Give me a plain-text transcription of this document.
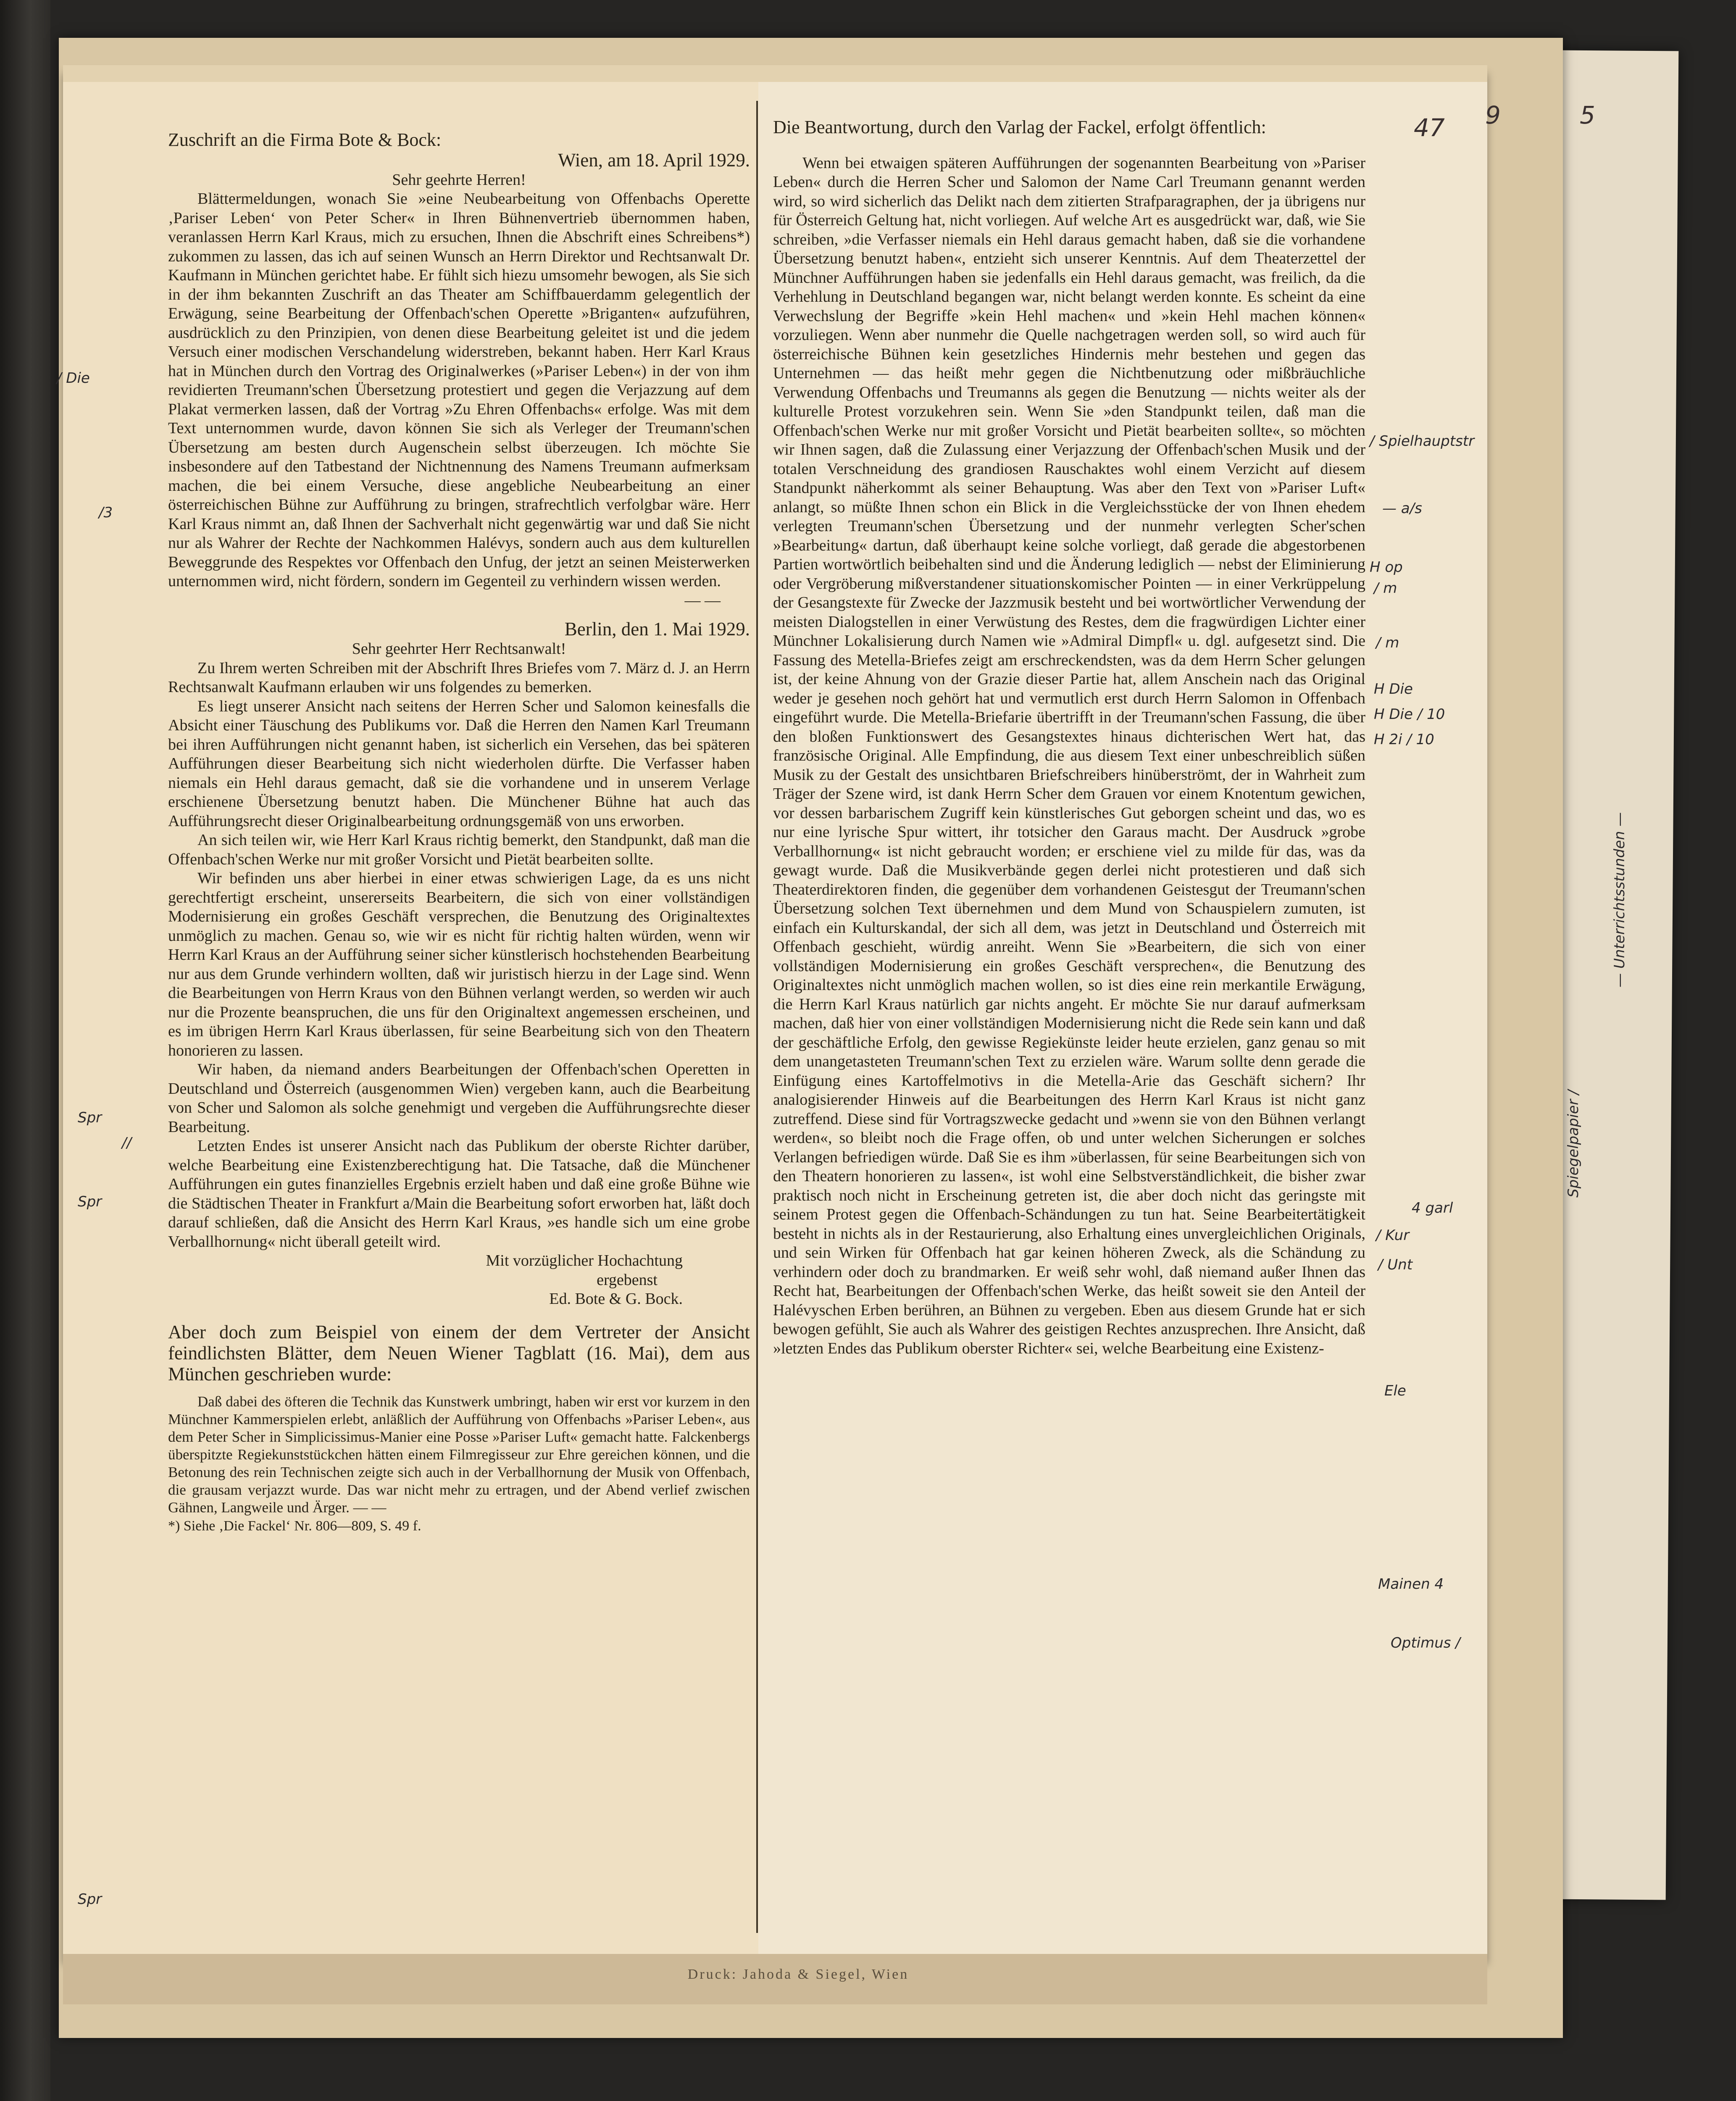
Druck: Jahoda & Siegel, Wien
47 9	5

Zuschrift an die Firma Bote & Bock:

Wien, am 18. April 1929.

Sehr geehrte Herren!

Blättermeldungen, wonach Sie »eine Neubearbeitung von Offenbachs Operette ‚Pariser Leben‘ von Peter Scher« in Ihren Bühnenvertrieb übernommen haben, veranlassen Herrn Karl Kraus, mich zu ersuchen, Ihnen die Abschrift eines Schreibens*) zukommen zu lassen, das ich auf seinen Wunsch an Herrn Direktor und Rechtsanwalt Dr. Kaufmann in München gerichtet habe. Er fühlt sich hiezu umsomehr bewogen, als Sie sich in der ihm bekannten Zuschrift an das Theater am Schiffbauerdamm gelegentlich der Erwägung, seine Bearbeitung der Offenbach'schen Operette »Briganten« aufzuführen, ausdrücklich zu den Prinzipien, von denen diese Bearbeitung geleitet ist und die jedem Versuch einer modischen Verschandelung widerstreben, bekannt haben. Herr Karl Kraus hat in München durch den Vortrag des Originalwerkes (»Pariser Leben«) in der von ihm revidierten Treumann'schen Übersetzung protestiert und gegen die Verjazzung auf dem Plakat vermerken lassen, daß der Vortrag »Zu Ehren Offenbachs« erfolge. Was mit dem Text unternommen wurde, davon können Sie sich als Verleger der Treumann'schen Übersetzung am besten durch Augenschein selbst überzeugen. Ich möchte Sie insbesondere auf den Tatbestand der Nichtnennung des Namens Treumann aufmerksam machen, die bei einem Versuche, diese angebliche Neubearbeitung an einer österreichischen Bühne zur Aufführung zu bringen, strafrechtlich verfolgbar wäre. Herr Karl Kraus nimmt an, daß Ihnen der Sachverhalt nicht gegenwärtig war und daß Sie nicht nur als Wahrer der Rechte der Nachkommen Halévys, sondern auch aus dem kulturellen Beweggrunde des Respektes vor Offenbach den Unfug, der jetzt an seinen Meisterwerken unternommen wird, nicht fördern, sondern im Gegenteil zu verhindern wissen werden.

— —

Berlin, den 1. Mai 1929.

Sehr geehrter Herr Rechtsanwalt!

Zu Ihrem werten Schreiben mit der Abschrift Ihres Briefes vom 7. März d. J. an Herrn Rechtsanwalt Kaufmann erlauben wir uns folgendes zu bemerken.

Es liegt unserer Ansicht nach seitens der Herren Scher und Salomon keinesfalls die Absicht einer Täuschung des Publikums vor. Daß die Herren den Namen Karl Treumann bei ihren Aufführungen nicht genannt haben, ist sicherlich ein Versehen, das bei späteren Aufführungen dieser Bearbeitung sich nicht wiederholen dürfte. Die Verfasser haben niemals ein Hehl daraus gemacht, daß sie die vorhandene und in unserem Verlage erschienene Übersetzung benutzt haben. Die Münchener Bühne hat auch das Aufführungsrecht dieser Originalbearbeitung ordnungsgemäß von uns erworben.

An sich teilen wir, wie Herr Karl Kraus richtig bemerkt, den Standpunkt, daß man die Offenbach'schen Werke nur mit großer Vorsicht und Pietät bearbeiten sollte.

Wir befinden uns aber hierbei in einer etwas schwierigen Lage, da es uns nicht gerechtfertigt erscheint, unsererseits Bearbeitern, die sich von einer vollständigen Modernisierung ein großes Geschäft versprechen, die Benutzung des Originaltextes unmöglich zu machen. Genau so, wie wir es nicht für richtig halten würden, wenn wir Herrn Karl Kraus an der Aufführung seiner sicher künstlerisch hochstehenden Bearbeitung nur aus dem Grunde verhindern wollten, daß wir juristisch hierzu in der Lage sind. Wenn die Bearbeitungen von Herrn Kraus von den Bühnen verlangt werden, so werden wir auch nur die Prozente beanspruchen, die uns für den Originaltext angemessen erscheinen, und es im übrigen Herrn Karl Kraus überlassen, für seine Bearbeitung sich von den Theatern honorieren zu lassen.

Wir haben, da niemand anders Bearbeitungen der Offenbach'schen Operetten in Deutschland und Österreich (ausgenommen Wien) vergeben kann, auch die Bearbeitung von Scher und Salomon als solche genehmigt und vergeben die Aufführungsrechte dieser Bearbeitung.

Letzten Endes ist unserer Ansicht nach das Publikum der oberste Richter darüber, welche Bearbeitung eine Existenzberechtigung hat. Die Tatsache, daß die Münchener Aufführungen ein gutes finanzielles Ergebnis erzielt haben und daß eine große Bühne wie die Städtischen Theater in Frankfurt a/Main die Bearbeitung sofort erworben hat, läßt doch darauf schließen, daß die Ansicht des Herrn Karl Kraus, »es handle sich um eine grobe Verballhornung« nicht überall geteilt wird.

Mit vorzüglicher Hochachtung

ergebenst

Ed. Bote & G. Bock.

Aber doch zum Beispiel von einem der dem Vertreter der Ansicht feindlichsten Blätter, dem Neuen Wiener Tagblatt (16. Mai), dem aus München geschrieben wurde:

Daß dabei des öfteren die Technik das Kunstwerk umbringt, haben wir erst vor kurzem in den Münchner Kammerspielen erlebt, anläßlich der Aufführung von Offenbachs »Pariser Leben«, aus dem Peter Scher in Simplicissimus-Manier eine Posse »Pariser Luft« gemacht hatte. Falckenbergs überspitzte Regiekunststückchen hätten einem Filmregisseur zur Ehre gereichen können, und die Betonung des rein Technischen zeigte sich auch in der Verballhornung der Musik von Offenbach, die grausam verjazzt wurde. Das war nicht mehr zu ertragen, und der Abend verlief zwischen Gähnen, Langweile und Ärger. — —

*) Siehe ‚Die Fackel‘ Nr. 806—809, S. 49 f.

Die Beantwortung, durch den Varlag der Fackel, erfolgt öffentlich:

Wenn bei etwaigen späteren Aufführungen der sogenannten Bearbeitung von »Pariser Leben« durch die Herren Scher und Salomon der Name Carl Treumann genannt werden wird, so wird sicherlich das Delikt nach dem zitierten Strafparagraphen, der ja übrigens nur für Österreich Geltung hat, nicht vorliegen. Auf welche Art es ausgedrückt war, daß, wie Sie schreiben, »die Verfasser niemals ein Hehl daraus gemacht haben, daß sie die vorhandene Übersetzung benutzt haben«, entzieht sich unserer Kenntnis. Auf dem Theaterzettel der Münchner Aufführungen haben sie jedenfalls ein Hehl daraus gemacht, was freilich, da die Verhehlung in Deutschland begangen war, nicht belangt werden konnte. Es scheint da eine Verwechslung der Begriffe »kein Hehl machen« und »kein Hehl machen können« vorzuliegen. Wenn aber nunmehr die Quelle nachgetragen werden soll, so wird auch für österreichische Bühnen kein gesetzliches Hindernis mehr bestehen und gegen das Unternehmen — das heißt mehr gegen die Nichtbenutzung oder mißbräuchliche Verwendung Offenbachs und Treumanns als gegen die Benutzung — nichts weiter als der kulturelle Protest vorzukehren sein. Wenn Sie »den Standpunkt teilen, daß man die Offenbach'schen Werke nur mit großer Vorsicht und Pietät bearbeiten sollte«, so möchten wir Ihnen sagen, daß die Zulassung einer Verjazzung der Offenbach'schen Musik und der totalen Verschneidung des grandiosen Rauschaktes wohl einem Verzicht auf diesem Standpunkt näherkommt als seiner Behauptung. Was aber den Text von »Pariser Luft« anlangt, so müßte Ihnen schon ein Blick in die Vergleichsstücke der von Ihnen ehedem verlegten Treumann'schen Übersetzung und der nunmehr verlegten Scher'schen »Bearbeitung« dartun, daß überhaupt keine solche vorliegt, daß gerade die abgestorbenen Partien wortwörtlich beibehalten sind und die Änderung lediglich — nebst der Eliminierung oder Vergröberung mißverstandener situationskomischer Pointen — in einer Verkrüppelung der Gesangstexte für Zwecke der Jazzmusik besteht und bei wortwörtlicher Verwendung der meisten Dialogstellen in einer Verwüstung des Restes, dem die fragwürdigen Lichter einer Münchner Lokalisierung durch Namen wie »Admiral Dimpfl« u. dgl. aufgesetzt sind. Die Fassung des Metella-Briefes zeigt am erschreckendsten, was da dem Herrn Scher gelungen ist, der keine Ahnung von der Grazie dieser Partie hat, allem Anschein nach das Original weder je gesehen noch gehört hat und vermutlich erst durch Herrn Salomon in Offenbach eingeführt wurde. Die Metella-Briefarie übertrifft in der Treumann'schen Fassung, die über den bloßen Funktionswert des Gesangstextes hinaus dichterischen Wert hat, das französische Original. Alle Empfindung, die aus diesem Text einer unbeschreiblich süßen Musik zu der Gestalt des unsichtbaren Briefschreibers hinüberströmt, der in Wahrheit zum Träger der Szene wird, ist dank Herrn Scher dem Grauen vor einem Knotentum gewichen, vor dessen barbarischem Zugriff kein künstlerisches Gut geborgen scheint und das, wo es nur eine lyrische Spur wittert, ihr totsicher den Garaus macht. Der Ausdruck »grobe Verballhornung« ist nicht gebraucht worden; er erschiene viel zu milde für das, was da gewagt wurde. Daß die Musikverbände gegen derlei nicht protestieren und daß sich Theaterdirektoren finden, die gegenüber dem vorhandenen Geistesgut der Treumann'schen Übersetzung solchen Text übernehmen und dem Mund von Schauspielern zumuten, ist einfach ein Kulturskandal, der sich all dem, was jetzt in Deutschland und Österreich mit Offenbach geschieht, würdig anreiht. Wenn Sie »Bearbeitern, die sich von einer vollständigen Modernisierung ein großes Geschäft versprechen«, die Benutzung des Originaltextes nicht unmöglich machen wollen, so ist dies eine rein merkantile Erwägung, die Herrn Karl Kraus natürlich gar nichts angeht. Er möchte Sie nur darauf aufmerksam machen, daß hier von einer vollständigen Modernisierung nicht die Rede sein kann und daß der geschäftliche Erfolg, den gewisse Regiekünste leider heute erzielen, ganz genau so mit dem unangetasteten Treumann'schen Text zu erzielen wäre. Warum sollte denn gerade die Einfügung eines Kartoffelmotivs in die Metella-Arie das Geschäft sichern? Ihr analogisierender Hinweis auf die Bearbeitungen des Herrn Karl Kraus ist nicht ganz zutreffend. Diese sind für Vortragszwecke gedacht und »wenn sie von den Bühnen verlangt werden«, so bleibt noch die Frage offen, ob und unter welchen Sicherungen er solches Verlangen befriedigen würde. Daß Sie es ihm »überlassen, für seine Bearbeitungen sich von den Theatern honorieren zu lassen«, ist wohl eine Selbstverständlichkeit, die bisher zwar praktisch noch nicht in Erscheinung getreten ist, die aber doch nicht das geringste mit seinem Protest gegen die Offenbach-Schändungen zu tun hat. Seine Bearbeitertätigkeit besteht in nichts als in der Restaurierung, also Erhaltung eines unvergleichlichen Originals, und sein Wirken für Offenbach hat gar keinen höheren Zweck, als die Schändung zu verhindern oder doch zu brandmarken. Er weiß sehr wohl, daß niemand außer Ihnen das Recht hat, Bearbeitungen der Offenbach'schen Werke, das heißt soweit sie den Anteil der Halévyschen Erben berühren, an Bühnen zu vergeben. Eben aus diesem Grunde hat er sich bewogen gefühlt, Sie auch als Wahrer des geistigen Rechtes anzusprechen. Ihre Ansicht, daß »letzten Endes das Publikum oberster Richter« sei, welche Bearbeitung eine Existenz-

/ Die
/3
Spr
//
Spr
Spr
/ Spielhauptstr
— a/s
H op
/ m
/ m
H Die
H Die / 10
H 2i / 10
4 garl
/ Kur
/ Unt
Ele
Mainen 4
Optimus /
— Unterrichtsstunden —
Spiegelpapier /
